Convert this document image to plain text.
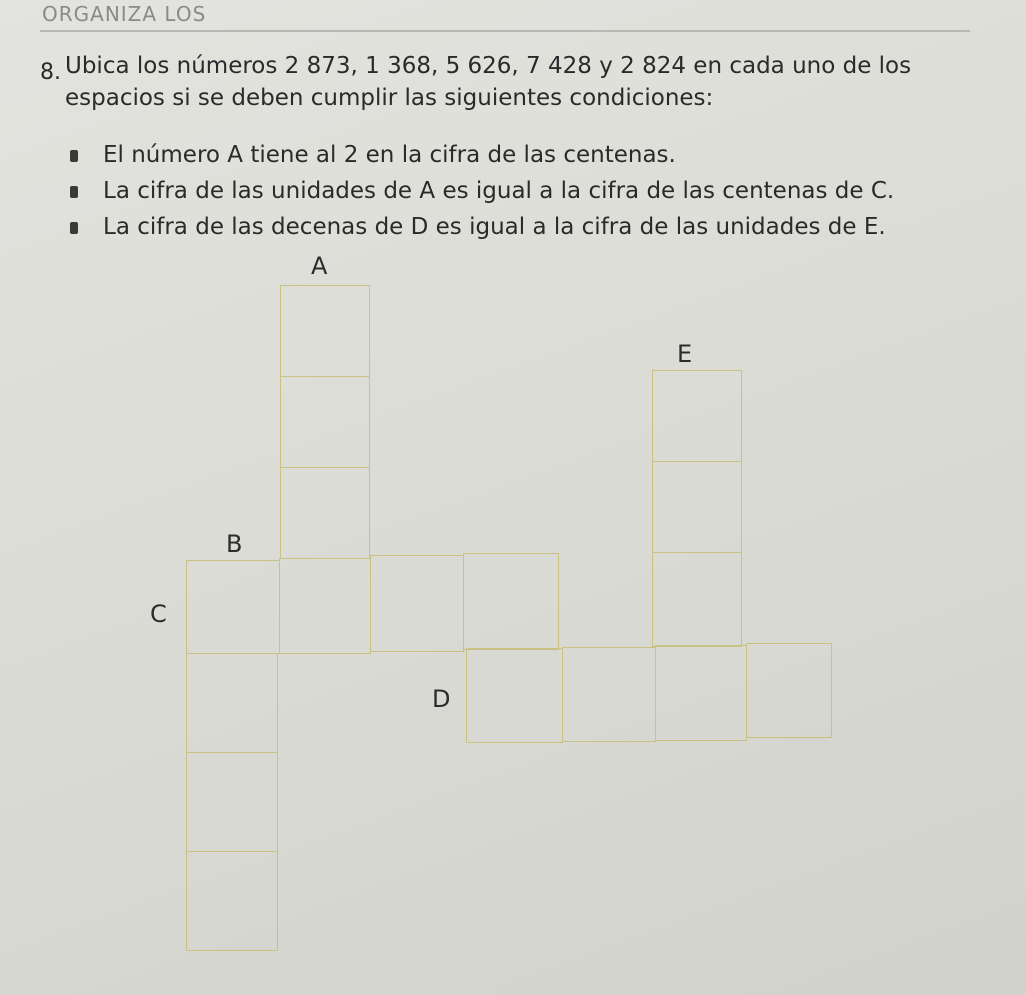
ORGANIZA LOS
8. Ubica los números 2 873, 1 368, 5 626, 7 428 y 2 824 en cada uno de los espacios si se deben cumplir las siguientes condiciones:
El número A tiene al 2 en la cifra de las centenas.
La cifra de las unidades de A es igual a la cifra de las centenas de C.
La cifra de las decenas de D es igual a la cifra de las unidades de E.
A
E
B
C
D
